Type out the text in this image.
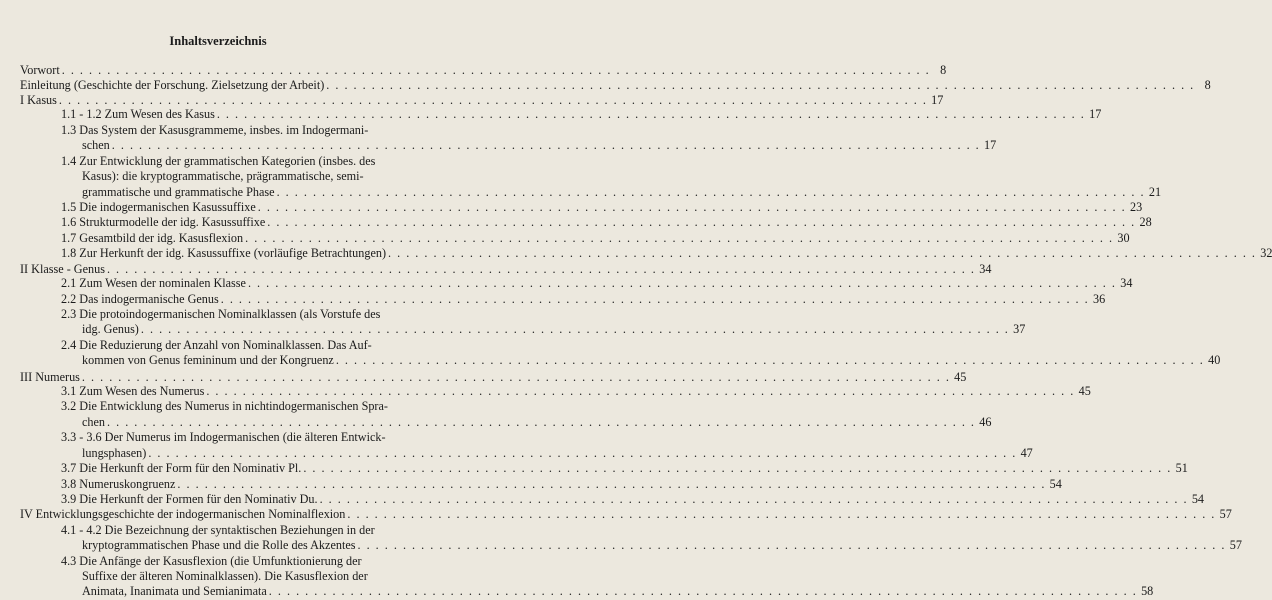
Inhaltsverzeichnis
Vorwort . . .	8
Einleitung (Geschichte der Forschung. Zielsetzung der Arbeit) . . .	8
I Kasus . . .	17
1.1 - 1.2 Zum Wesen des Kasus . . .	17
1.3 Das System der Kasusgrammeme, insbes. im Indogermani-
schen . . .	17
1.4 Zur Entwicklung der grammatischen Kategorien (insbes. des
Kasus): die kryptogrammatische, prägrammatische, semi-
grammatische und grammatische Phase . . .	21
1.5 Die indogermanischen Kasussuffixe . . .	23
1.6 Strukturmodelle der idg. Kasussuffixe . . .	28
1.7 Gesamtbild der idg. Kasusflexion . . .	30
1.8 Zur Herkunft der idg. Kasussuffixe (vorläufige Betrachtungen) . . .	32
II Klasse - Genus . . .	34
2.1 Zum Wesen der nominalen Klasse . . .	34
2.2 Das indogermanische Genus . . .	36
2.3 Die protoindogermanischen Nominalklassen (als Vorstufe des
idg. Genus) . . .	37
2.4 Die Reduzierung der Anzahl von Nominalklassen. Das Auf-
kommen von Genus femininum und der Kongruenz . . .	40
III Numerus . . .	45
3.1 Zum Wesen des Numerus . . .	45
3.2 Die Entwicklung des Numerus in nichtindogermanischen Spra-
chen . . .	46
3.3 - 3.6 Der Numerus im Indogermanischen (die älteren Entwick-
lungsphasen) . . .	47
3.7 Die Herkunft der Form für den Nominativ Pl. . . .	51
3.8 Numeruskongruenz . . .	54
3.9 Die Herkunft der Formen für den Nominativ Du. . . .	54
IV Entwicklungsgeschichte der indogermanischen Nominalflexion . . .	57
4.1 - 4.2 Die Bezeichnung der syntaktischen Beziehungen in der
kryptogrammatischen Phase und die Rolle des Akzentes . . .	57
4.3 Die Anfänge der Kasusflexion (die Umfunktionierung der
Suffixe der älteren Nominalklassen). Die Kasusflexion der
Animata, Inanimata und Semianimata . . .	58
